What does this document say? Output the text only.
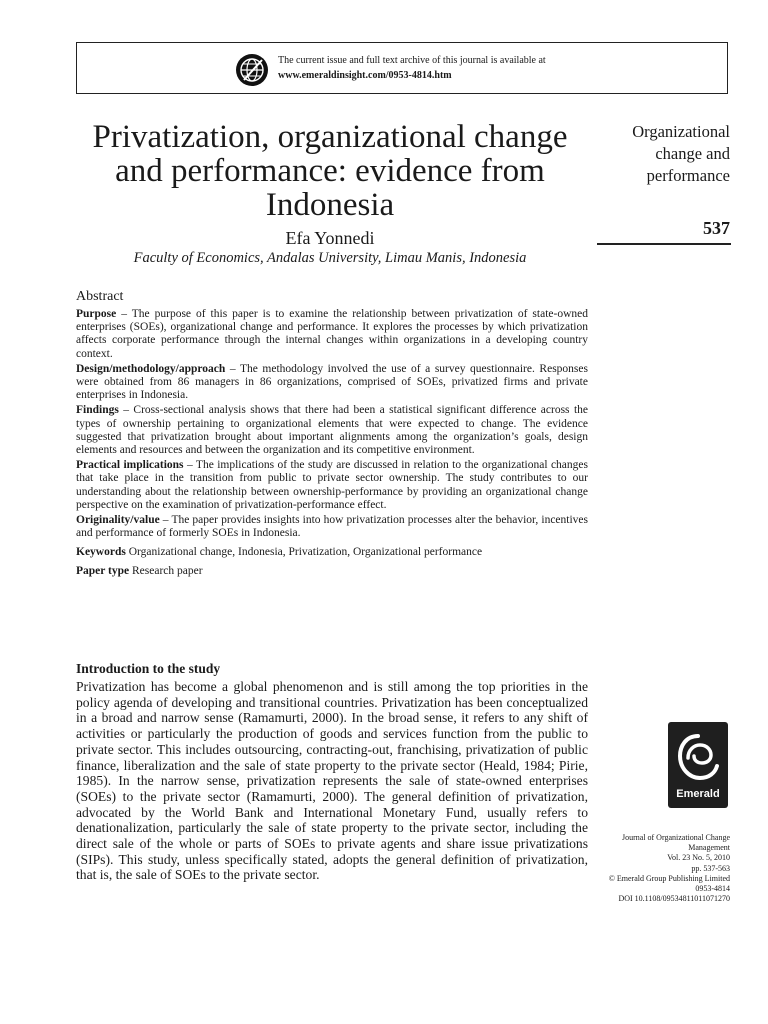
The current issue and full text archive of this journal is available at
www.emeraldinsight.com/0953-4814.htm
Privatization, organizational change and performance: evidence from Indonesia
Efa Yonnedi
Faculty of Economics, Andalas University, Limau Manis, Indonesia
Organizational change and performance
537
Abstract

Purpose – The purpose of this paper is to examine the relationship between privatization of state-owned enterprises (SOEs), organizational change and performance. It explores the processes by which privatization affects corporate performance through the internal changes within organizations in a developing country context.

Design/methodology/approach – The methodology involved the use of a survey questionnaire. Responses were obtained from 86 managers in 86 organizations, comprised of SOEs, privatized firms and private enterprises in Indonesia.

Findings – Cross-sectional analysis shows that there had been a statistical significant difference across the types of ownership pertaining to organizational elements that were expected to change. The evidence suggested that privatization brought about important alignments among the organization’s goals, design elements and resources and between the organization and its competitive environment.

Practical implications – The implications of the study are discussed in relation to the organizational changes that take place in the transition from public to private sector ownership. The study contributes to our understanding about the relationship between ownership-performance by providing an organizational change perspective on the examination of privatization-performance effect.

Originality/value – The paper provides insights into how privatization processes alter the behavior, incentives and performance of formerly SOEs in Indonesia.

Keywords Organizational change, Indonesia, Privatization, Organizational performance
Paper type Research paper
Introduction to the study

Privatization has become a global phenomenon and is still among the top priorities in the policy agenda of developing and transitional countries. Privatization has been conceptualized in a broad and narrow sense (Ramamurti, 2000). In the broad sense, it refers to any shift of activities or particularly the production of goods and services function from the public to private sector. This includes outsourcing, contracting-out, franchising, privatization of public finance, liberalization and the sale of state property to the private sector (Heald, 1984; Pirie, 1985). In the narrow sense, privatization represents the sale of state-owned enterprises (SOEs) to the private sector (Ramamurti, 2000). The general definition of privatization, advocated by the World Bank and International Monetary Fund, usually refers to denationalization, particularly the sale of state property to the private sector, including the direct sale of the whole or parts of SOEs to private agents and share issue privatizations (SIPs). This study, unless specifically stated, adopts the general definition of privatization, that is, the sale of SOEs to the private sector.

Emerald
Journal of Organizational Change
Management
Vol. 23 No. 5, 2010
pp. 537-563
© Emerald Group Publishing Limited
0953-4814
DOI 10.1108/09534811011071270
